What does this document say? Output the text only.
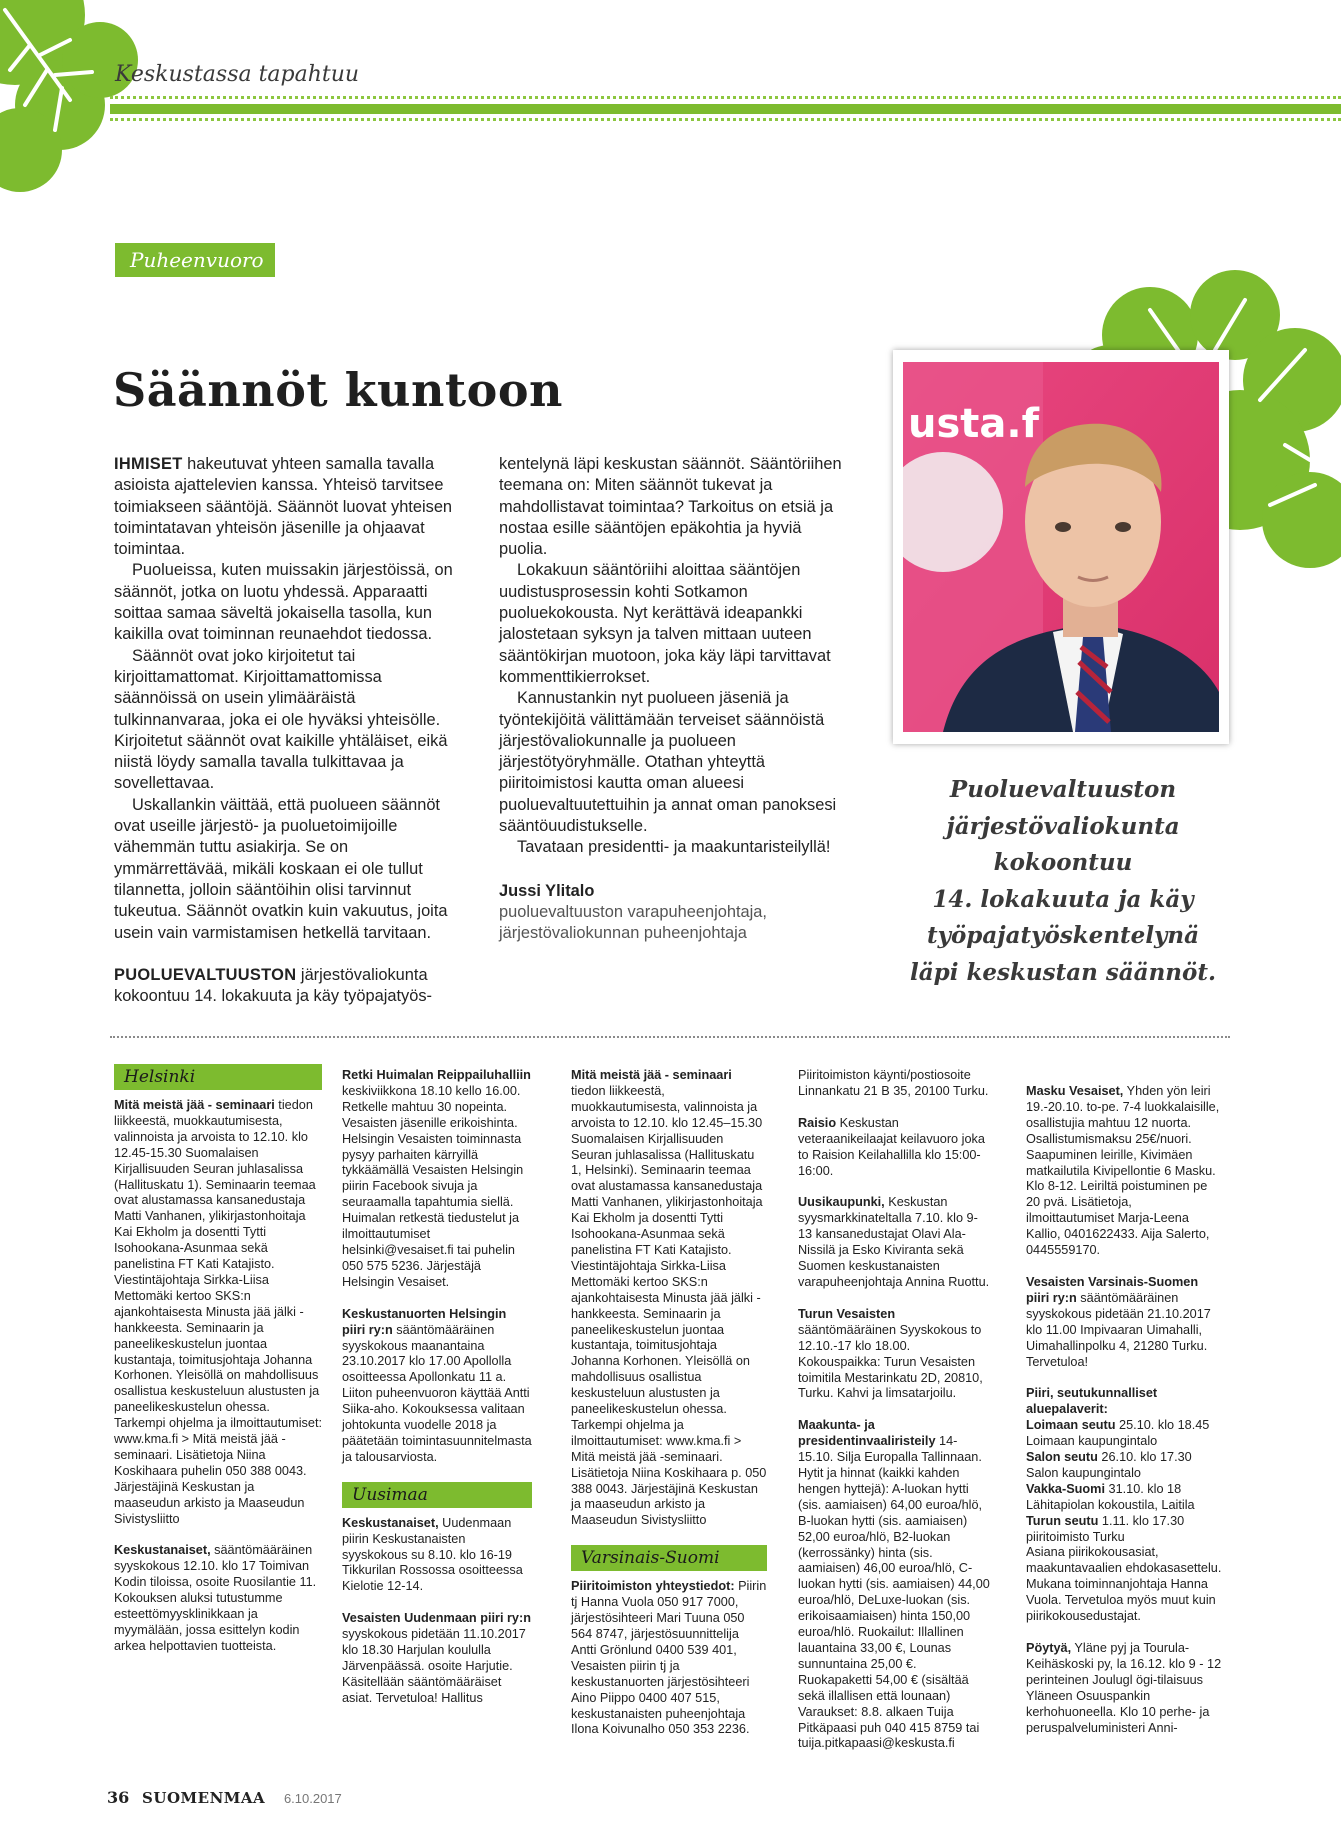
Keskustassa tapahtuu
Puheenvuoro
Säännöt kuntoon

IHMISET hakeutuvat yhteen samalla tavalla asioista ajattelevien kanssa. Yhteisö tarvitsee toimiakseen sääntöjä. Säännöt luovat yhteisen toimintatavan yhteisön jäsenille ja ohjaavat toimintaa.

Puolueissa, kuten muissakin järjestöissä, on säännöt, jotka on luotu yhdessä. Apparaatti soittaa samaa säveltä jokaisella tasolla, kun kaikilla ovat toiminnan reunaehdot tiedossa.

Säännöt ovat joko kirjoitetut tai kirjoittamattomat. Kirjoittamattomissa säännöissä on usein ylimääräistä tulkinnanvaraa, joka ei ole hyväksi yhteisölle. Kirjoitetut säännöt ovat kaikille yhtäläiset, eikä niistä löydy samalla tavalla tulkittavaa ja sovellettavaa.

Uskallankin väittää, että puolueen säännöt ovat useille järjestö- ja puoluetoimijoille vähemmän tuttu asiakirja. Se on ymmärrettävää, mikäli koskaan ei ole tullut tilannetta, jolloin sääntöihin olisi tarvinnut tukeutua. Säännöt ovatkin kuin vakuutus, joita usein vain varmistamisen hetkellä tarvitaan.

PUOLUEVALTUUSTON järjestövaliokunta kokoontuu 14. lokakuuta ja käy työpajatyös-

kentelynä läpi keskustan säännöt. Sääntöriihen teemana on: Miten säännöt tukevat ja mahdollistavat toimintaa? Tarkoitus on etsiä ja nostaa esille sääntöjen epäkohtia ja hyviä puolia.

Lokakuun sääntöriihi aloittaa sääntöjen uudistusprosessin kohti Sotkamon puoluekokousta. Nyt kerättävä ideapankki jalostetaan syksyn ja talven mittaan uuteen sääntökirjan muotoon, joka käy läpi tarvittavat kommenttikierrokset.

Kannustankin nyt puolueen jäseniä ja työntekijöitä välittämään terveiset säännöistä järjestövaliokunnalle ja puolueen järjestötyöryhmälle. Otathan yhteyttä piiritoimistosi kautta oman alueesi puoluevaltuutettuihin ja annat oman panoksesi sääntöuudistukselle.

Tavataan presidentti- ja maakuntaristeilyllä!

Jussi Ylitalo

puoluevaltuuston varapuheenjohtaja,

järjestövaliokunnan puheenjohtaja

usta.f
Puoluevaltuuston
järjestövaliokunta
kokoontuu
14. lokakuuta ja käy
työpajatyöskentelynä
läpi keskustan säännöt.
Helsinki

Mitä meistä jää - seminaari tiedon liikkeestä, muokkautumisesta, valinnoista ja arvoista to 12.10. klo 12.45-15.30 Suomalaisen Kirjallisuuden Seuran juhlasalissa (Hallituskatu 1). Seminaarin teemaa ovat alustamassa kansanedustaja Matti Vanhanen, ylikirjastonhoitaja Kai Ekholm ja dosentti Tytti Isohookana-Asunmaa sekä panelistina FT Kati Katajisto. Viestintäjohtaja Sirkka-Liisa Mettomäki kertoo SKS:n ajankohtaisesta Minusta jää jälki -hankkeesta. Seminaarin ja paneelikeskustelun juontaa kustantaja, toimitusjohtaja Johanna Korhonen. Yleisöllä on mahdollisuus osallistua keskusteluun alustusten ja paneelikeskustelun ohessa. Tarkempi ohjelma ja ilmoittautumiset: www.kma.fi > Mitä meistä jää -seminaari. Lisätietoja Niina Koskihaara puhelin 050 388 0043. Järjestäjinä Keskustan ja maaseudun arkisto ja Maaseudun Sivistysliitto

Keskustanaiset, sääntömääräinen syyskokous 12.10. klo 17 Toimivan Kodin tiloissa, osoite Ruosilantie 11. Kokouksen aluksi tutustumme esteettömyysklinikkaan ja myymälään, jossa esittelyn kodin arkea helpottavien tuotteista.

Retki Huimalan Reippailuhalliin keskiviikkona 18.10 kello 16.00. Retkelle mahtuu 30 nopeinta. Vesaisten jäsenille erikoishinta. Helsingin Vesaisten toiminnasta pysyy parhaiten kärryillä tykkäämällä Vesaisten Helsingin piirin Facebook sivuja ja seuraamalla tapahtumia siellä. Huimalan retkestä tiedustelut ja ilmoittautumiset helsinki@vesaiset.fi tai puhelin 050 575 5236. Järjestäjä Helsingin Vesaiset.

Keskustanuorten Helsingin piiri ry:n sääntömääräinen syyskokous maanantaina 23.10.2017 klo 17.00 Apollolla osoitteessa Apollonkatu 11 a. Liiton puheenvuoron käyttää Antti Siika-aho. Kokouksessa valitaan johtokunta vuodelle 2018 ja päätetään toimintasuunnitelmasta ja talousarviosta.

Uusimaa

Keskustanaiset, Uudenmaan piirin Keskustanaisten syyskokous su 8.10. klo 16-19 Tikkurilan Rossossa osoitteessa Kielotie 12-14.

Vesaisten Uudenmaan piiri ry:n syyskokous pidetään 11.10.2017 klo 18.30 Harjulan koululla Järvenpäässä. osoite Harjutie. Käsitellään sääntömääräiset asiat. Tervetuloa! Hallitus

Mitä meistä jää - seminaari tiedon liikkeestä, muokkautumisesta, valinnoista ja arvoista to 12.10. klo 12.45–15.30 Suomalaisen Kirjallisuuden Seuran juhlasalissa (Hallituskatu 1, Helsinki). Seminaarin teemaa ovat alustamassa kansanedustaja Matti Vanhanen, ylikirjastonhoitaja Kai Ekholm ja dosentti Tytti Isohookana-Asunmaa sekä panelistina FT Kati Katajisto. Viestintäjohtaja Sirkka-Liisa Mettomäki kertoo SKS:n ajankohtaisesta Minusta jää jälki -hankkeesta. Seminaarin ja paneelikeskustelun juontaa kustantaja, toimitusjohtaja Johanna Korhonen. Yleisöllä on mahdollisuus osallistua keskusteluun alustusten ja paneelikeskustelun ohessa. Tarkempi ohjelma ja ilmoittautumiset: www.kma.fi > Mitä meistä jää -seminaari. Lisätietoja Niina Koskihaara p. 050 388 0043. Järjestäjinä Keskustan ja maaseudun arkisto ja Maaseudun Sivistysliitto

Varsinais-Suomi

Piiritoimiston yhteystiedot: Piirin tj Hanna Vuola 050 917 7000, järjestösihteeri Mari Tuuna 050 564 8747, järjestösuunnittelija Antti Grönlund 0400 539 401, Vesaisten piirin tj ja keskustanuorten järjestösihteeri Aino Piippo 0400 407 515, keskustanaisten puheenjohtaja Ilona Koivunalho 050 353 2236.

Piiritoimiston käynti/postiosoite Linnankatu 21 B 35, 20100 Turku.

Raisio Keskustan veteraanikeilaajat keilavuoro joka to Raision Keilahallilla klo 15:00-16:00.

Uusikaupunki, Keskustan syysmarkkinateltalla 7.10. klo 9-13 kansanedustajat Olavi Ala-Nissilä ja Esko Kiviranta sekä Suomen keskustanaisten varapuheenjohtaja Annina Ruottu.

Turun Vesaisten sääntömääräinen Syyskokous to 12.10.-17 klo 18.00. Kokouspaikka: Turun Vesaisten toimitila Mestarinkatu 2D, 20810, Turku. Kahvi ja limsatarjoilu.

Maakunta- ja presidentinvaaliristeily 14-15.10. Silja Europalla Tallinnaan. Hytit ja hinnat (kaikki kahden hengen hyttejä): A-luokan hytti (sis. aamiaisen) 64,00 euroa/hlö, B-luokan hytti (sis. aamiaisen) 52,00 euroa/hlö, B2-luokan (kerrossänky) hinta (sis. aamiaisen) 46,00 euroa/hlö, C-luokan hytti (sis. aamiaisen) 44,00 euroa/hlö, DeLuxe-luokan (sis. erikoisaamiaisen) hinta 150,00 euroa/hlö. Ruokailut: Illallinen lauantaina 33,00 €, Lounas sunnuntaina 25,00 €. Ruokapaketti 54,00 € (sisältää sekä illallisen että lounaan) Varaukset: 8.8. alkaen Tuija Pitkäpaasi puh 040 415 8759 tai tuija.pitkapaasi@keskusta.fi

Masku Vesaiset, Yhden yön leiri 19.-20.10. to-pe. 7-4 luokkalaisille, osallistujia mahtuu 12 nuorta. Osallistumismaksu 25€/nuori. Saapuminen leirille, Kivimäen matkailutila Kivipellontie 6 Masku. Klo 8-12. Leiriltä poistuminen pe 20 pvä. Lisätietoja, ilmoittautumiset Marja-Leena Kallio, 0401622433. Aija Salerto, 0445559170.

Vesaisten Varsinais-Suomen piiri ry:n sääntömääräinen syyskokous pidetään 21.10.2017 klo 11.00 Impivaaran Uimahalli, Uimahallinpolku 4, 21280 Turku. Tervetuloa!

Piiri, seutukunnalliset aluepalaverit:
Loimaan seutu 25.10. klo 18.45 Loimaan kaupungintalo
Salon seutu 26.10. klo 17.30 Salon kaupungintalo
Vakka-Suomi 31.10. klo 18 Lähitapiolan kokoustila, Laitila
Turun seutu 1.11. klo 17.30 piiritoimisto Turku
Asiana piirikokousasiat, maakuntavaalien ehdokasasettelu. Mukana toiminnanjohtaja Hanna Vuola. Tervetuloa myös muut kuin piirikokousedustajat.

Pöytyä, Yläne pyj ja Tourula-Keihäskoski py, la 16.12. klo 9 - 12 perinteinen Joulugl ögi-tilaisuus Yläneen Osuuspankin kerhohuoneella. Klo 10 perhe- ja peruspalveluministeri Anni-

36 SUOMENMAA 6.10.2017
